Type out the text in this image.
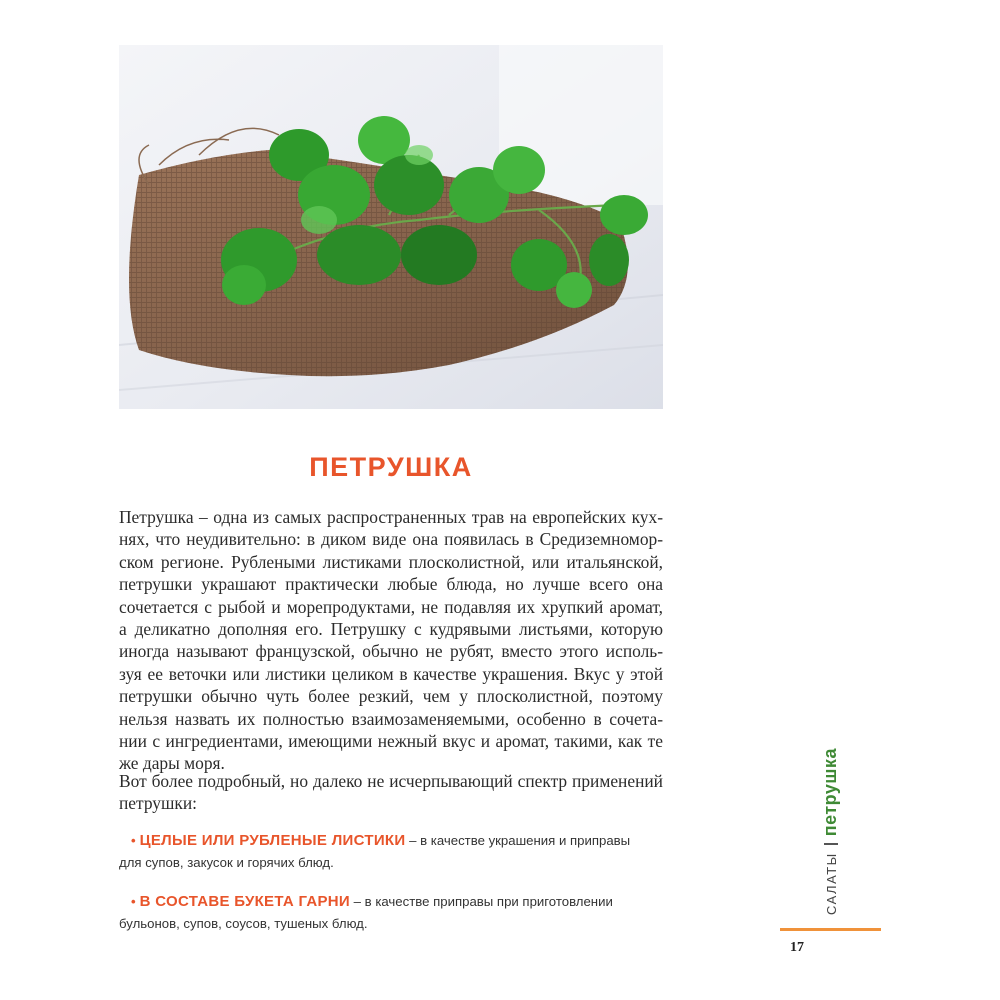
ПЕТРУШКА

Петрушка – одна из самых распространенных трав на европейских кух-
нях, что неудивительно: в диком виде она появилась в Средиземномор-
ском регионе. Рублеными листиками плосколистной, или итальянской,
петрушки украшают практически любые блюда, но лучше всего она
сочетается с рыбой и морепродуктами, не подавляя их хрупкий аромат,
а деликатно дополняя его. Петрушку с кудрявыми листьями, которую
иногда называют французской, обычно не рубят, вместо этого исполь-
зуя ее веточки или листики целиком в качестве украшения. Вкус у этой
петрушки обычно чуть более резкий, чем у плосколистной, поэтому
нельзя назвать их полностью взаимозаменяемыми, особенно в сочета-
нии с ингредиентами, имеющими нежный вкус и аромат, такими, как те
же дары моря.

Вот более подробный, но далеко не исчерпывающий спектр применений
петрушки:

• ЦЕЛЫЕ ИЛИ РУБЛЕНЫЕ ЛИСТИКИ – в качестве украшения и приправы
для супов, закусок и горячих блюд.
• В СОСТАВЕ БУКЕТА ГАРНИ – в качестве приправы при приготовлении
бульонов, супов, соусов, тушеных блюд.
САЛАТЫпетрушка
17
